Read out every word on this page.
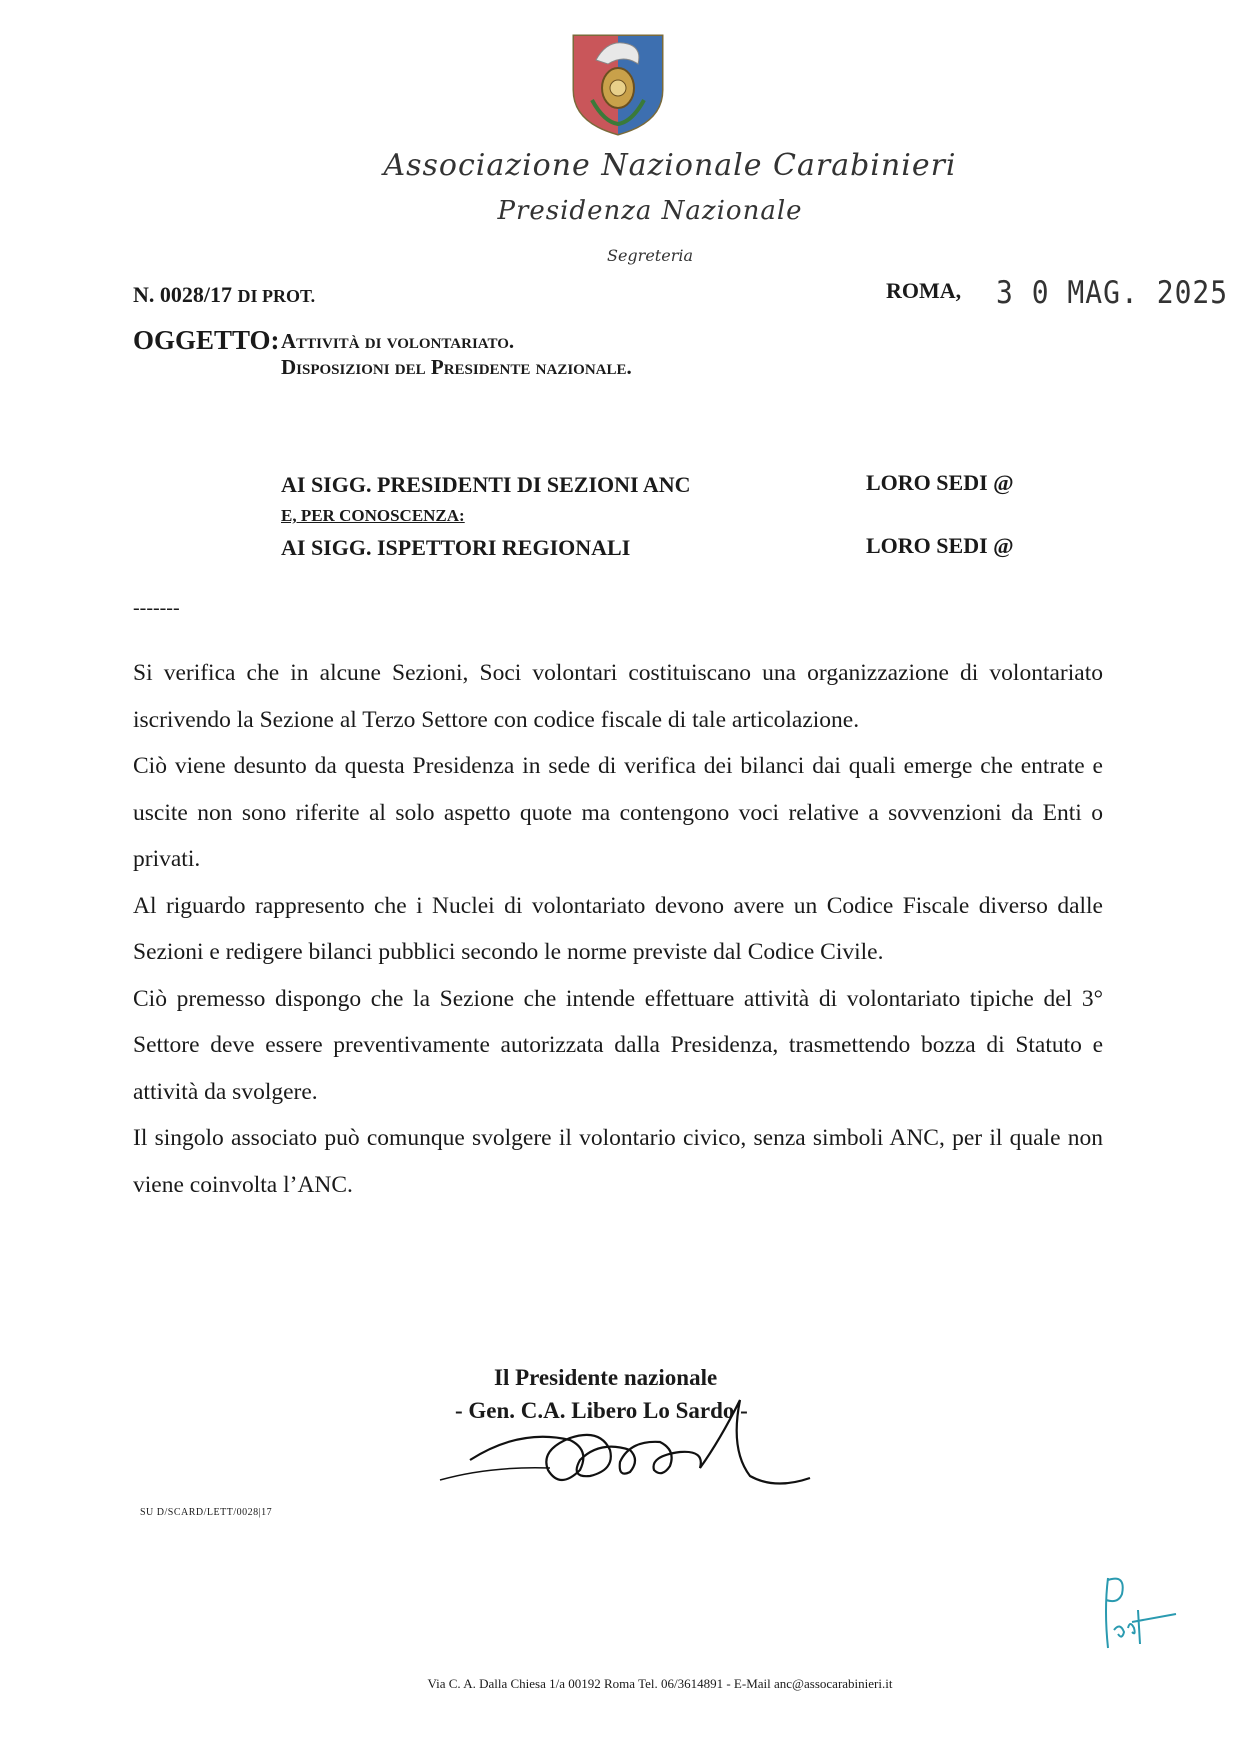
Associazione Nazionale Carabinieri
Presidenza Nazionale
Segreteria
N. 0028/17 DI PROT.	ROMA, 3 0 MAG. 2025
OGGETTO: Attività di volontariato.
Disposizioni del Presidente nazionale.
AI SIGG. PRESIDENTI DI SEZIONI ANC	LORO SEDI @
E, PER CONOSCENZA:
AI SIGG. ISPETTORI REGIONALI	LORO SEDI @
-------

Si verifica che in alcune Sezioni, Soci volontari costituiscano una organizzazione di volontariato iscrivendo la Sezione al Terzo Settore con codice fiscale di tale articolazione.

Ciò viene desunto da questa Presidenza in sede di verifica dei bilanci dai quali emerge che entrate e uscite non sono riferite al solo aspetto quote ma contengono voci relative a sovvenzioni da Enti o privati.

Al riguardo rappresento che i Nuclei di volontariato devono avere un Codice Fiscale diverso dalle Sezioni e redigere bilanci pubblici secondo le norme previste dal Codice Civile.

Ciò premesso dispongo che la Sezione che intende effettuare attività di volontariato tipiche del 3° Settore deve essere preventivamente autorizzata dalla Presidenza, trasmettendo bozza di Statuto e attività da svolgere.

Il singolo associato può comunque svolgere il volontario civico, senza simboli ANC, per il quale non viene coinvolta l’ANC.

Il Presidente nazionale
- Gen. C.A. Libero Lo Sardo -
SU D/SCARD/LETT/0028|17
Via C. A. Dalla Chiesa 1/a 00192 Roma Tel. 06/3614891 - E-Mail anc@assocarabinieri.it
